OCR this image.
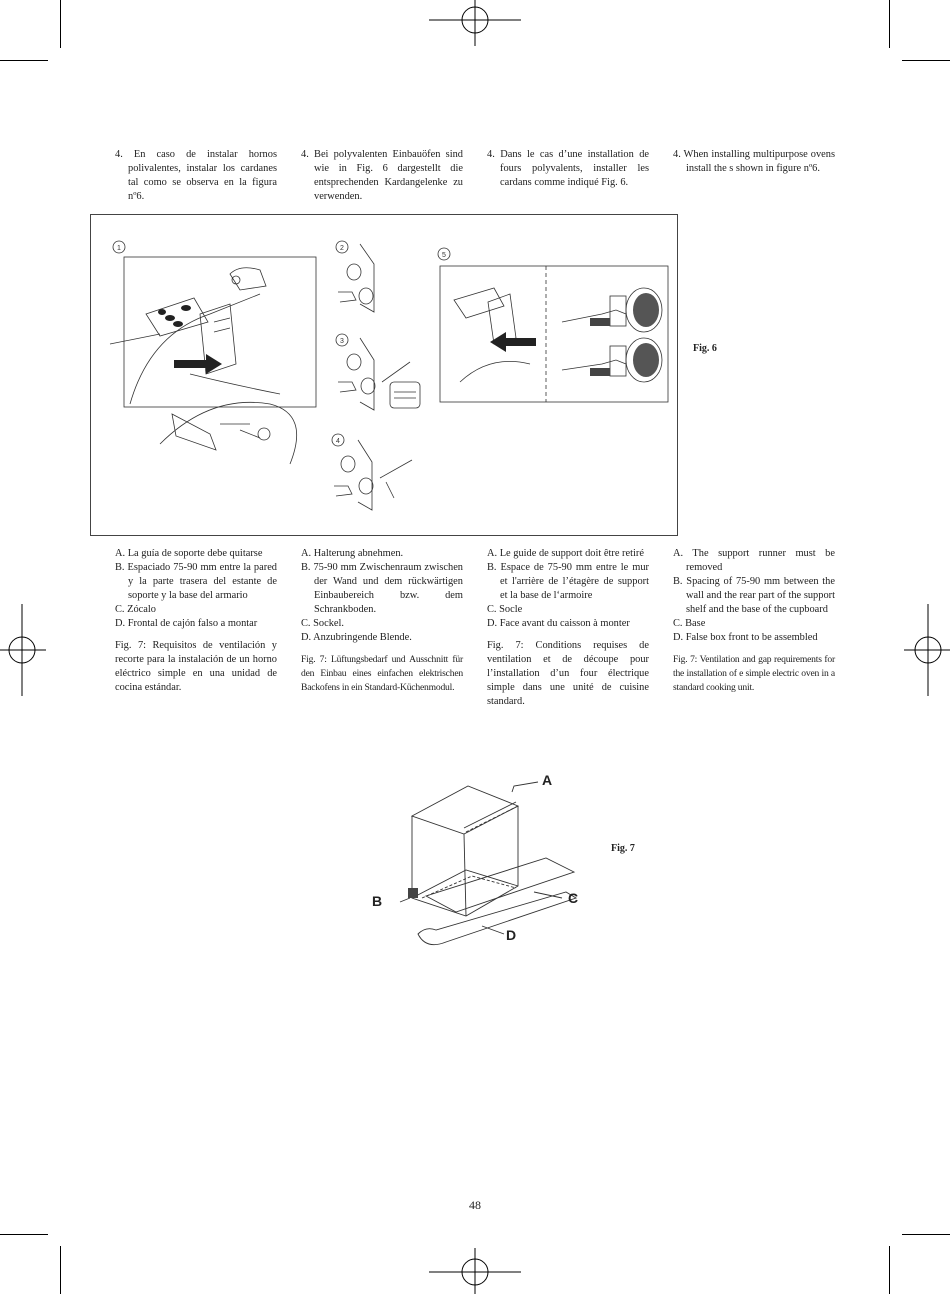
4. En caso de instalar hornos polivalentes, instalar los cardanes tal como se observa en la figura nº6.

4. Bei polyvalenten Einbauöfen sind wie in Fig. 6 dargestellt die entsprechenden Kardangelenke zu verwenden.

4. Dans le cas d’une installation de fours polyvalents, installer les cardans comme indiqué Fig. 6.

4. When installing multipurpose ovens install the s shown in figure nº6.

1	2
3
4
5
Fig. 6

A. La guía de soporte debe quitarse

B. Espaciado 75-90 mm entre la pared y la parte trasera del estante de soporte y la base del armario

C. Zócalo

D. Frontal de cajón falso a montar

Fig. 7: Requisitos de ventilación y recorte para la instalación de un horno eléctrico simple en una unidad de cocina estándar.

A. Halterung abnehmen.

B. 75-90 mm Zwischenraum zwischen der Wand und dem rückwärtigen Einbaubereich bzw. dem Schrankboden.

C. Sockel.

D. Anzubringende Blende.

Fig. 7: Lüftungsbedarf und Ausschnitt für den Einbau eines einfachen elektrischen Backofens in ein Standard-Küchenmodul.

A. Le guide de support doit être retiré

B. Espace de 75-90 mm entre le mur et l'arrière de l’étagère de support et la base de l‘armoire

C. Socle

D. Face avant du caisson à monter

Fig. 7: Conditions requises de ventilation et de découpe pour l’installation d’un four électrique simple dans une unité de cuisine standard.

A. The support runner must be removed

B. Spacing of 75-90 mm between the wall and the rear part of the support shelf and the base of the cupboard

C. Base

D. False box front to be assembled

Fig. 7: Ventilation and gap requirements for the installation of e simple electric oven in a standard cooking unit.

A
B	C
D
Fig. 7
48
